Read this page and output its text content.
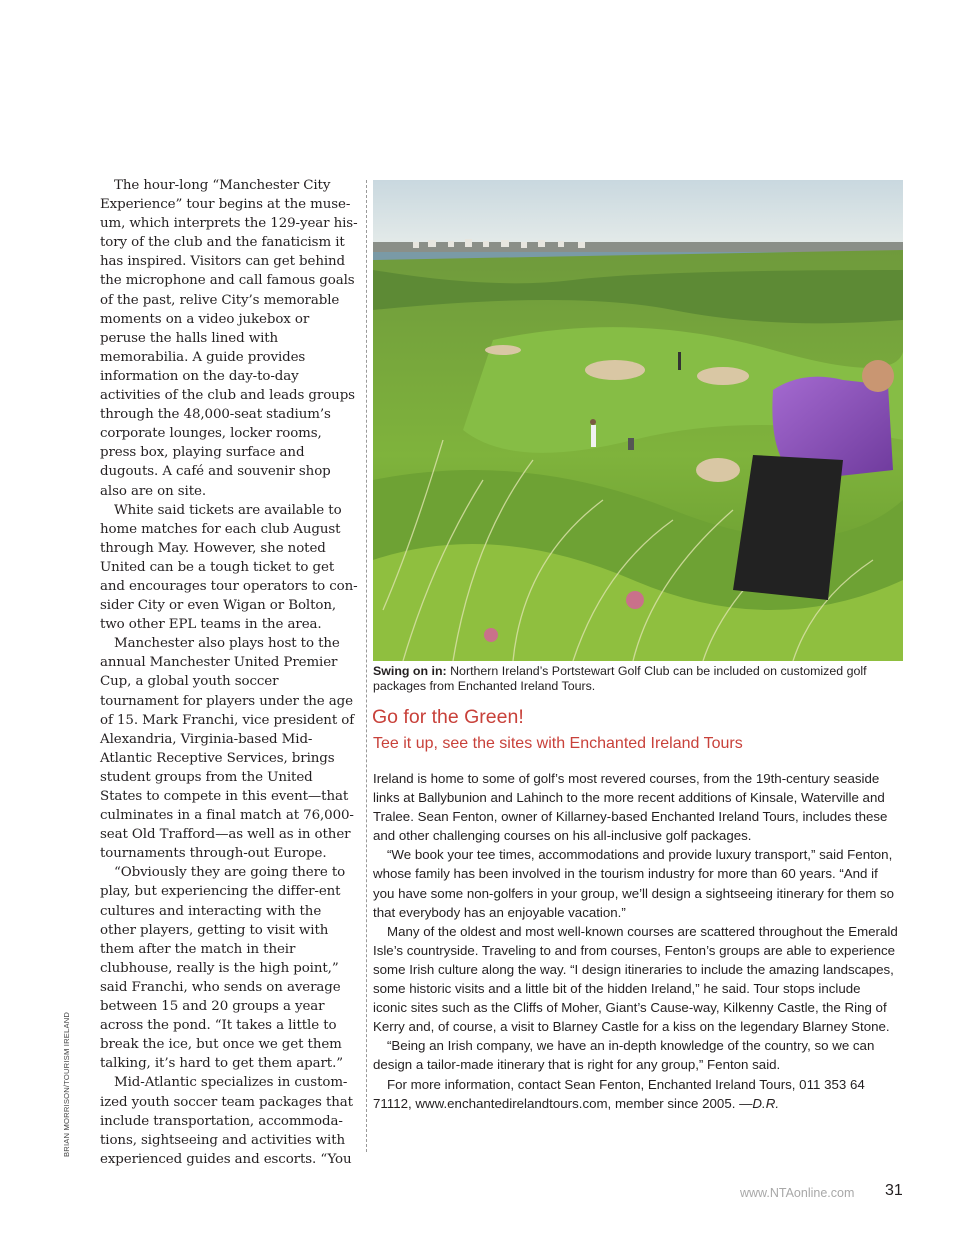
The hour-long “Manchester City Experience” tour begins at the muse-um, which interprets the 129-year his-tory of the club and the fanaticism it has inspired. Visitors can get behind the microphone and call famous goals of the past, relive City’s memorable moments on a video jukebox or peruse the halls lined with memorabilia. A guide provides information on the day-to-day activities of the club and leads groups through the 48,000-seat stadium’s corporate lounges, locker rooms, press box, playing surface and dugouts. A café and souvenir shop also are on site.

White said tickets are available to home matches for each club August through May. However, she noted United can be a tough ticket to get and encourages tour operators to con-sider City or even Wigan or Bolton, two other EPL teams in the area.

Manchester also plays host to the annual Manchester United Premier Cup, a global youth soccer tournament for players under the age of 15. Mark Franchi, vice president of Alexandria, Virginia-based Mid-Atlantic Receptive Services, brings student groups from the United States to compete in this event—that culminates in a final match at 76,000-seat Old Trafford—as well as in other tournaments through-out Europe.

“Obviously they are going there to play, but experiencing the differ-ent cultures and interacting with the other players, getting to visit with them after the match in their clubhouse, really is the high point,” said Franchi, who sends on average between 15 and 20 groups a year across the pond. “It takes a little to break the ice, but once we get them talking, it’s hard to get them apart.”

Mid-Atlantic specializes in custom-ized youth soccer team packages that include transportation, accommoda-tions, sightseeing and activities with experienced guides and escorts. “You

Swing on in: Northern Ireland’s Portstewart Golf Club can be included on customized golf packages from Enchanted Ireland Tours.
Go for the Green!
Tee it up, see the sites with Enchanted Ireland Tours

Ireland is home to some of golf’s most revered courses, from the 19th-century seaside links at Ballybunion and Lahinch to the more recent additions of Kinsale, Waterville and Tralee. Sean Fenton, owner of Killarney-based Enchanted Ireland Tours, includes these and other challenging courses on his all-inclusive golf packages.

“We book your tee times, accommodations and provide luxury transport,” said Fenton, whose family has been involved in the tourism industry for more than 60 years. “And if you have some non-golfers in your group, we’ll design a sightseeing itinerary for them so that everybody has an enjoyable vacation.”

Many of the oldest and most well-known courses are scattered throughout the Emerald Isle’s countryside. Traveling to and from courses, Fenton’s groups are able to experience some Irish culture along the way. “I design itineraries to include the amazing landscapes, some historic visits and a little bit of the hidden Ireland,” he said. Tour stops include iconic sites such as the Cliffs of Moher, Giant’s Cause-way, Kilkenny Castle, the Ring of Kerry and, of course, a visit to Blarney Castle for a kiss on the legendary Blarney Stone.

“Being an Irish company, we have an in-depth knowledge of the country, so we can design a tailor-made itinerary that is right for any group,” Fenton said.

For more information, contact Sean Fenton, Enchanted Ireland Tours, 011 353 64 71112, www.enchantedirelandtours.com, member since 2005. —D.R.

BRIAN MORRISON/TOURISM IRELAND
www.NTAonline.com 31
